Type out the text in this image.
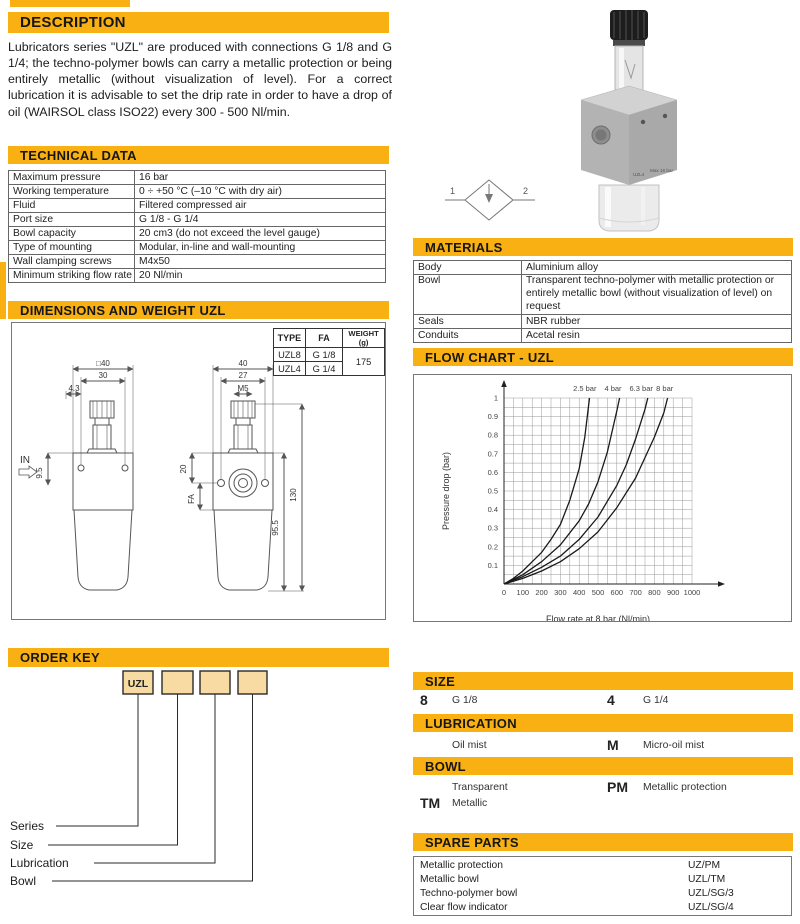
DESCRIPTION
Lubricators series "UZL" are produced with connections G 1/8 and G 1/4; the techno-polymer bowls can carry a metallic protection or being entirely metallic (without visualization of level). For a correct lubrication it is advisable to set the drip rate in order to have a drop of oil (WAIRSOL class ISO22) every 300 - 500 Nl/min.
TECHNICAL DATA
Maximum pressure	16 bar
Working temperature	0 ÷ +50 °C (–10 °C with dry air)
Fluid	Filtered compressed air
Port size	G 1/8 - G 1/4
Bowl capacity	20 cm3 (do not exceed the level gauge)
Type of mounting	Modular, in-line and wall-mounting
Wall clamping screws	M4x50
Minimum striking flow rate	20 Nl/min
DIMENSIONS AND WEIGHT UZL
□40
30
4.3
IN
9.5
40
27
M5
20
FA
95.5
130
TYPE	FA	WEIGHT (g)
UZL8	G 1/8	175
UZL4	G 1/4	
UZL4
Max 16 bar
1	2
MATERIALS
Body	Aluminium alloy
Bowl	Transparent techno-polymer with metallic protection or entirely metallic bowl (without visualization of level) on request
Seals	NBR rubber
Conduits	Acetal resin
FLOW CHART - UZL
0 100 200 300 400 500 600 700 800 900 1000
0.1
0.2
0.3
0.4
0.5
0.6
0.7
0.8
0.9
1
2.5 bar 4 bar 6.3 bar 8 bar
Flow rate at 8 bar (Nl/min)
Pressure drop (bar)
ORDER KEY
UZL
Series
Size
Lubrication
Bowl
SIZE
8 G 1/8	4	G 1/4
LUBRICATION
Oil mist	M Micro-oil mist
BOWL
Transparent	PM Metallic protection
TM Metallic
SPARE PARTS
Metallic protection	UZ/PM
Metallic bowl	UZL/TM
Techno-polymer bowl	UZL/SG/3
Clear flow indicator	UZL/SG/4
